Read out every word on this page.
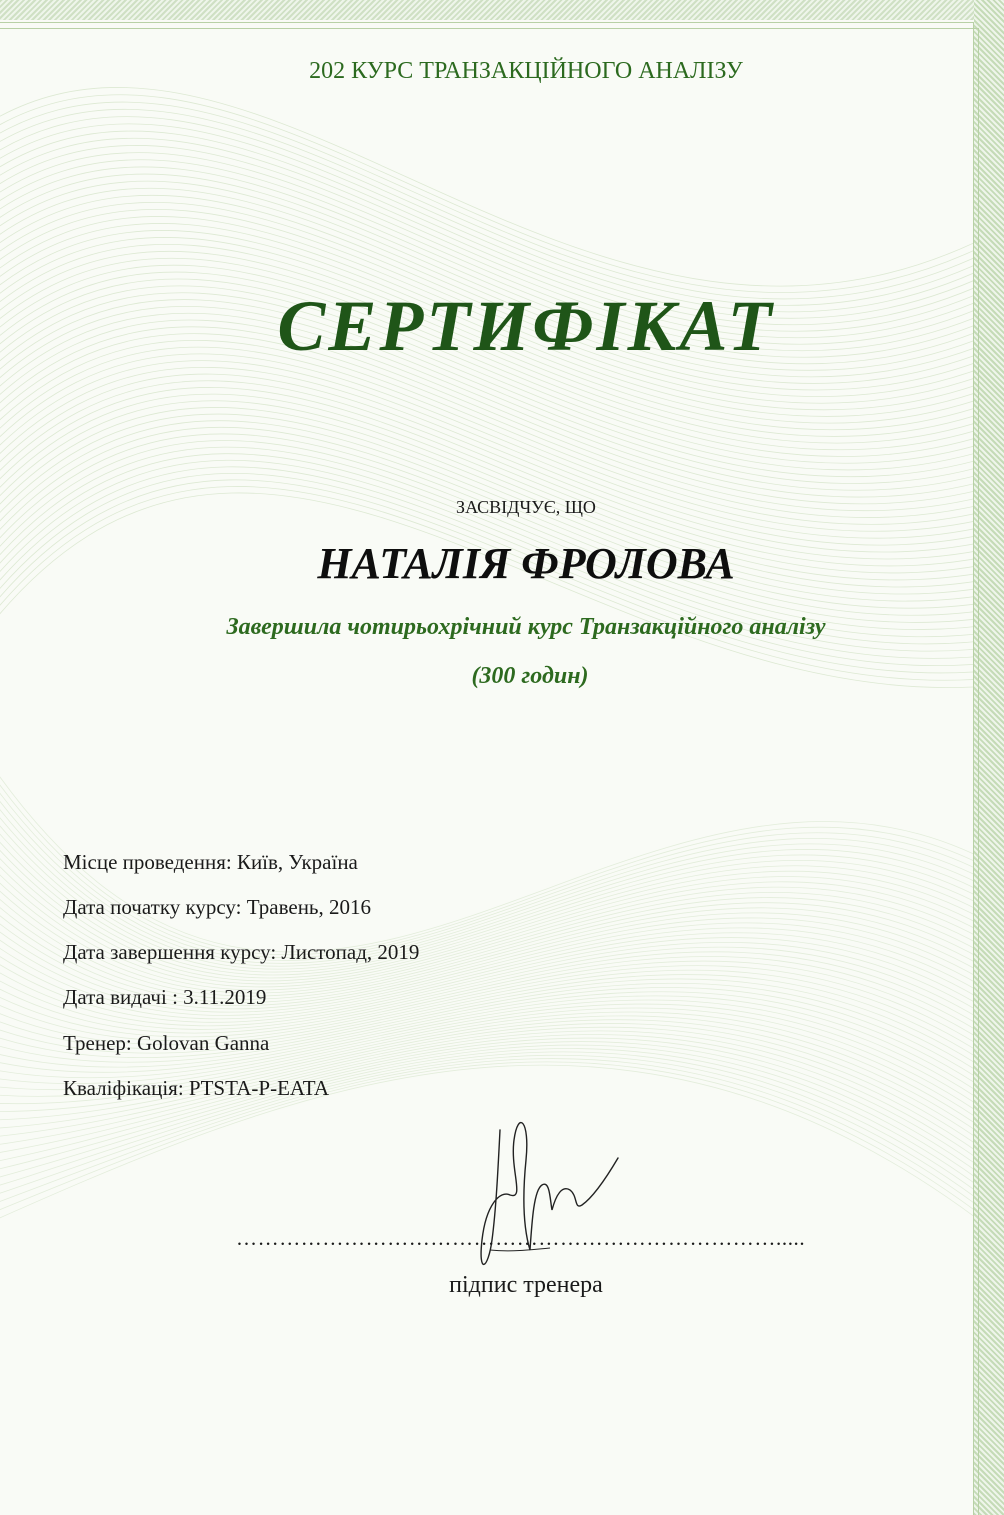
202 КУРС ТРАНЗАКЦІЙНОГО АНАЛІЗУ
СЕРТИФІКАТ
ЗАСВІДЧУЄ, ЩО
НАТАЛІЯ ФРОЛОВА
Завершила чотирьохрічний курс Транзакційного аналізу
(300 годин)
Місце проведення: Київ, Україна
Дата початку курсу: Травень, 2016
Дата завершення курсу: Листопад, 2019
Дата видачі : 3.11.2019
Тренер: Golovan Ganna
Кваліфікація: PTSTA-P-EATA
………………………………………………………………….....
підпис тренера
